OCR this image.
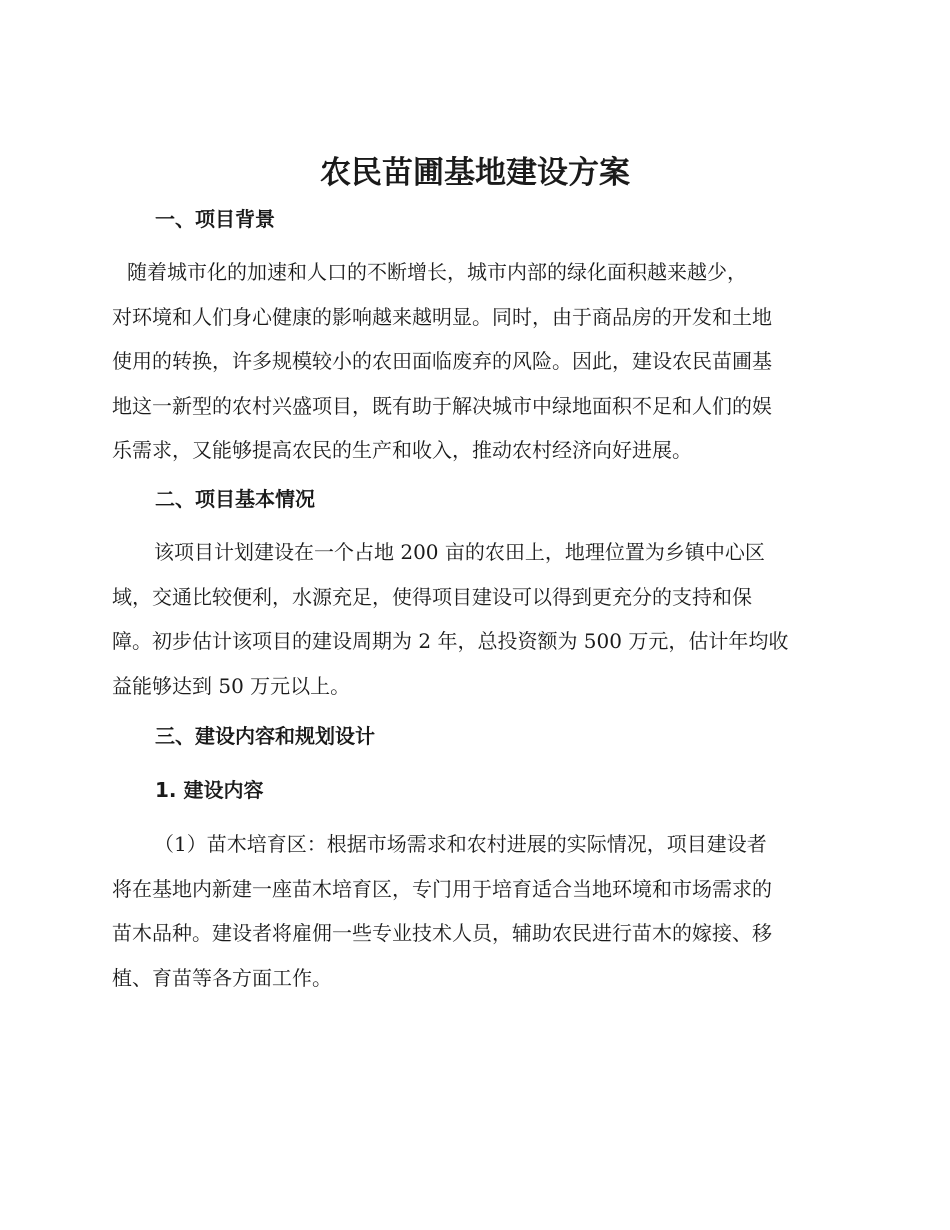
农民苗圃基地建设方案
一、项目背景
随着城市化的加速和人口的不断增长，城市内部的绿化面积越来越少，
对环境和人们身心健康的影响越来越明显。同时，由于商品房的开发和土地
使用的转换，许多规模较小的农田面临废弃的风险。因此，建设农民苗圃基
地这一新型的农村兴盛项目，既有助于解决城市中绿地面积不足和人们的娱
乐需求，又能够提高农民的生产和收入，推动农村经济向好进展。
二、项目基本情况
该项目计划建设在一个占地 200 亩的农田上，地理位置为乡镇中心区
域，交通比较便利，水源充足，使得项目建设可以得到更充分的支持和保
障。初步估计该项目的建设周期为 2 年，总投资额为 500 万元，估计年均收
益能够达到 50 万元以上。
三、建设内容和规划设计
1. 建设内容
（1）苗木培育区：根据市场需求和农村进展的实际情况，项目建设者
将在基地内新建一座苗木培育区，专门用于培育适合当地环境和市场需求的
苗木品种。建设者将雇佣一些专业技术人员，辅助农民进行苗木的嫁接、移
植、育苗等各方面工作。
